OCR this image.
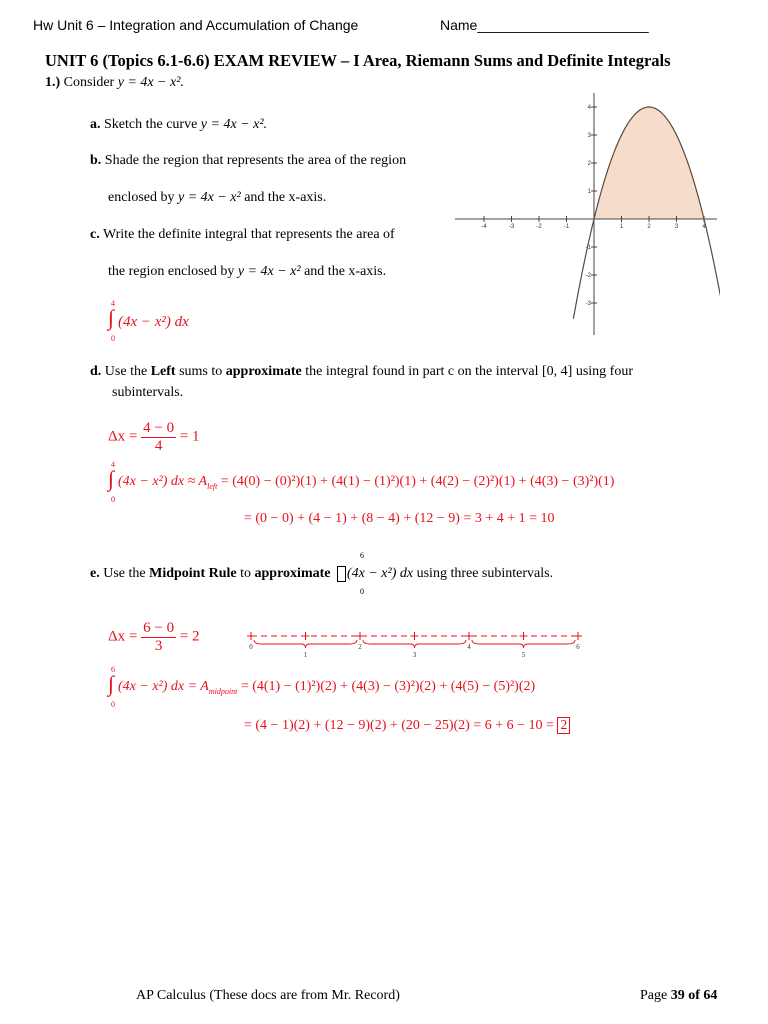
Hw Unit 6 – Integration and Accumulation of Change	Name______________________
UNIT 6 (Topics 6.1-6.6) EXAM REVIEW – I Area, Riemann Sums and Definite Integrals
1.) Consider y = 4x − x².
a. Sketch the curve y = 4x − x².
b. Shade the region that represents the area of the region
enclosed by y = 4x − x² and the x-axis.
c. Write the definite integral that represents the area of
the region enclosed by y = 4x − x² and the x-axis.
4
∫
0
(4x − x²) dx
-4	-3	-2	-1	1	2	3	4
4
3
2
1
-1
-2
-3
d. Use the Left sums to approximate the integral found in part c on the interval [0, 4] using four
subintervals.
$\Delta x = \frac{4 - 0}{4} = 1$
4
∫
0
(4x − x²) dx ≈ $A_{left} = (4(0) - (0)^2)(1) + (4(1) - (1)^2)(1) + (4(2) - (2)^2)(1) + (4(3) - (3)^2)(1)$
= (0 − 0) + (4 − 1) + (8 − 4) + (12 − 9) = 3 + 4 + 1 = 10
6
0
e. Use the Midpoint Rule to approximate (4x − x²) dx using three subintervals.
$\Delta x = \frac{6 - 0}{3} = 2$
0	2	4	6
1	3	5
6
∫
0
(4x − x²) dx = $A_{midpoint} = (4(1) - (1)^2)(2) + (4(3) - (3)^2)(2) + (4(5) - (5)^2)(2)$
= (4 − 1)(2) + (12 − 9)(2) + (20 − 25)(2) = 6 + 6 − 10 = 2
AP Calculus (These docs are from Mr. Record)	Page 39 of 64
